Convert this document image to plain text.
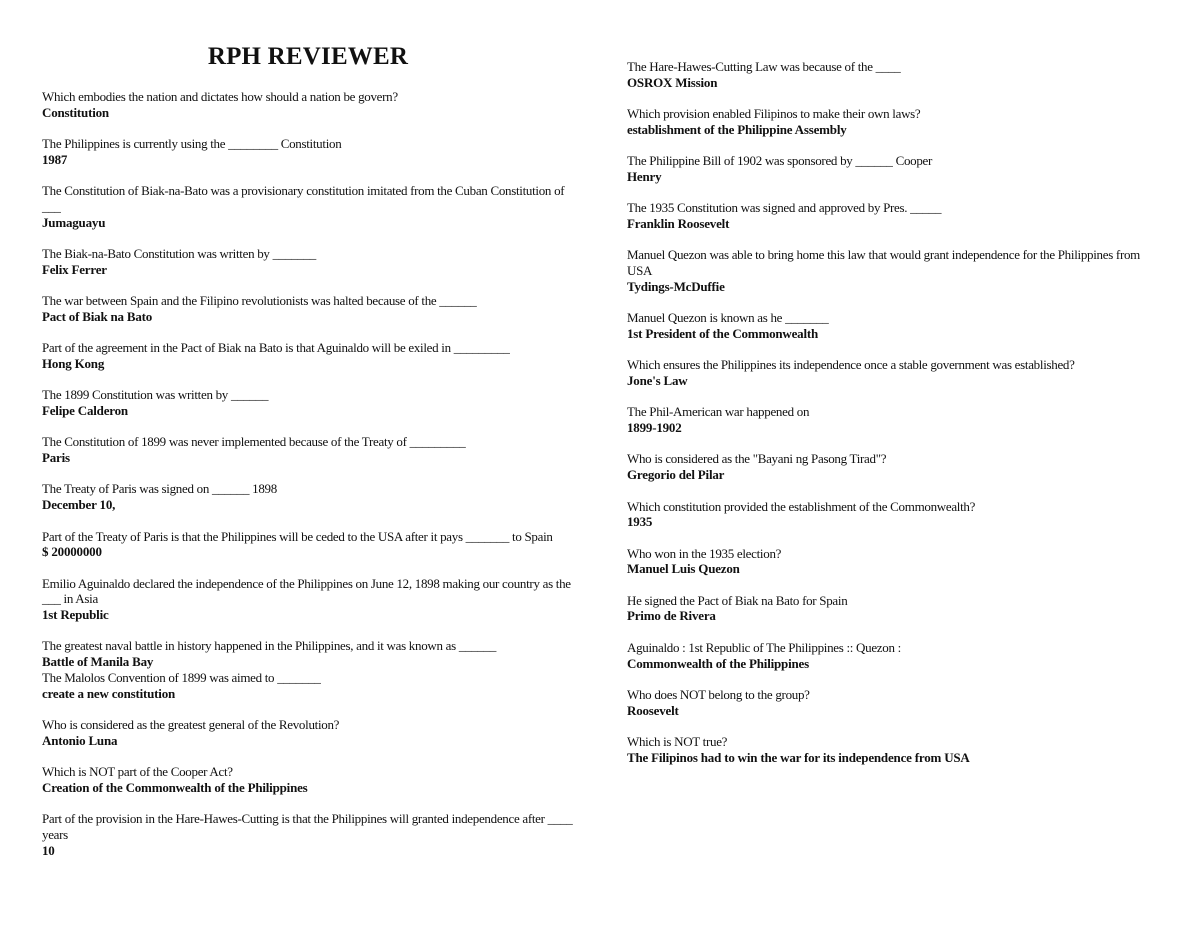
RPH REVIEWER
Which embodies the nation and dictates how should a nation be govern?
Constitution
The Philippines is currently using the ________ Constitution
1987
The Constitution of Biak-na-Bato was a provisionary constitution imitated from the Cuban Constitution of ___
Jumaguayu
The Biak-na-Bato Constitution was written by _______
Felix Ferrer
The war between Spain and the Filipino revolutionists was halted because of the ______
Pact of Biak na Bato
Part of the agreement in the Pact of Biak na Bato is that Aguinaldo will be exiled in _________
Hong Kong
The 1899 Constitution was written by ______
Felipe Calderon
The Constitution of 1899 was never implemented because of the Treaty of _________
Paris
The Treaty of Paris was signed on ______ 1898
December 10,
Part of the Treaty of Paris is that the Philippines will be ceded to the USA after it pays _______ to Spain
$ 20000000
Emilio Aguinaldo declared the independence of the Philippines on June 12, 1898 making our country as the ___ in Asia
1st Republic
The greatest naval battle in history happened in the Philippines, and it was known as ______
Battle of Manila Bay
The Malolos Convention of 1899 was aimed to _______
create a new constitution
Who is considered as the greatest general of the Revolution?
Antonio Luna
Which is NOT part of the Cooper Act?
Creation of the Commonwealth of the Philippines
Part of the provision in the Hare-Hawes-Cutting is that the Philippines will granted independence after ____ years
10
The Hare-Hawes-Cutting Law was because of the ____
OSROX Mission
Which provision enabled Filipinos to make their own laws?
establishment of the Philippine Assembly
The Philippine Bill of 1902 was sponsored by ______ Cooper
Henry
The 1935 Constitution was signed and approved by Pres. _____
Franklin Roosevelt
Manuel Quezon was able to bring home this law that would grant independence for the Philippines from USA
Tydings-McDuffie
Manuel Quezon is known as he _______
1st President of the Commonwealth
Which ensures the Philippines its independence once a stable government was established?
Jone's Law
The Phil-American war happened on
1899-1902
Who is considered as the "Bayani ng Pasong Tirad"?
Gregorio del Pilar
Which constitution provided the establishment of the Commonwealth?
1935
Who won in the 1935 election?
Manuel Luis Quezon
He signed the Pact of Biak na Bato for Spain
Primo de Rivera
Aguinaldo : 1st Republic of The Philippines :: Quezon :
Commonwealth of the Philippines
Who does NOT belong to the group?
Roosevelt
Which is NOT true?
The Filipinos had to win the war for its independence from USA
